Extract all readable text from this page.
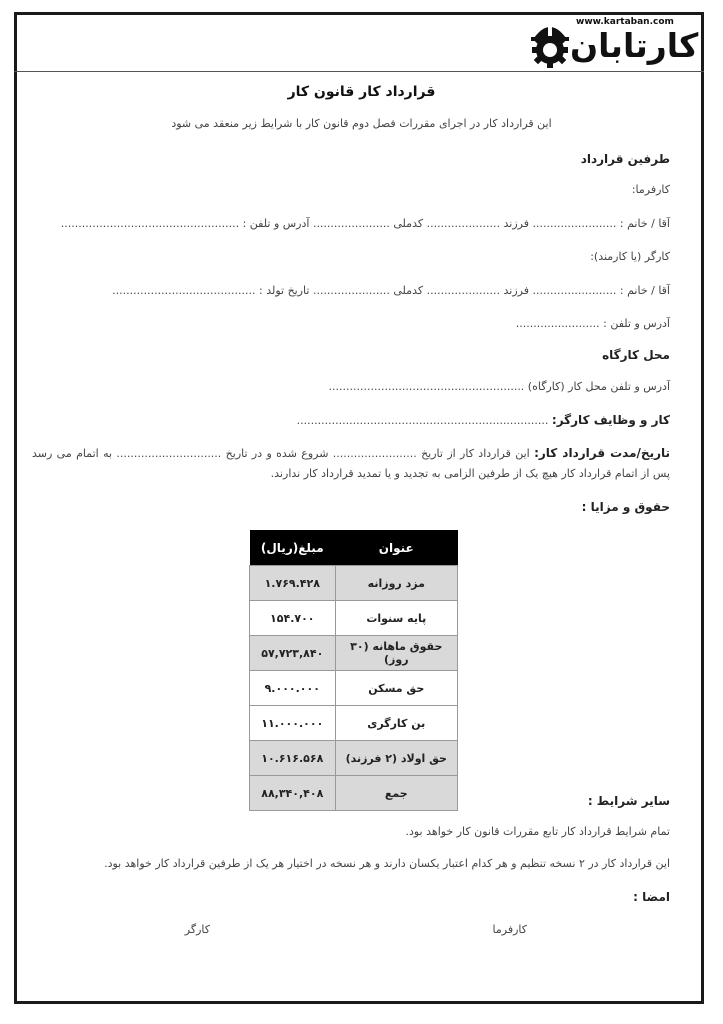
www.kartaban.com
کارتابان
قرارداد کار قانون کار
این قرارداد کار در اجرای مقررات فصل دوم قانون کار با شرایط زیر منعقد می شود
طرفین قرارداد
کارفرما:
آقا / خانم : ........................ فرزند ..................... کدملی ...................... آدرس و تلفن : ...................................................
کارگر (یا کارمند):
آقا / خانم : ........................ فرزند ..................... کدملی ...................... تاریخ تولد : .........................................
آدرس و تلفن : ........................
محل کارگاه
آدرس و تلفن محل کار (کارگاه) ........................................................
کار و وظایف کارگر: ........................................................................
تاریخ/مدت قرارداد کار: این قرارداد کار از تاریخ ........................ شروع شده و در تاریخ .............................. به اتمام می رسد پس از اتمام قرارداد کار هیچ یک از طرفین الزامی به تجدید و یا تمدید قرارداد کار ندارند.
حقوق و مزایا :
عنوان	مبلغ(ریال)
مزد روزانه	۱.۷۶۹.۴۲۸
پایه سنوات	۱۵۴.۷۰۰
حقوق ماهانه (۳۰ روز)	۵۷,۷۲۳,۸۴۰
حق مسکن	۹.۰۰۰.۰۰۰
بن کارگری	۱۱.۰۰۰.۰۰۰
حق اولاد (۲ فرزند)	۱۰.۶۱۶.۵۶۸
جمع	۸۸,۳۴۰,۴۰۸
سایر شرایط :
تمام شرایط قرارداد کار تابع مقررات قانون کار خواهد بود.
این قرارداد کار در ۲ نسخه تنظیم و هر کدام اعتبار یکسان دارند و هر نسخه در اختیار هر یک از طرفین قرارداد کار خواهد بود.
امضا :
کارفرما
کارگر
